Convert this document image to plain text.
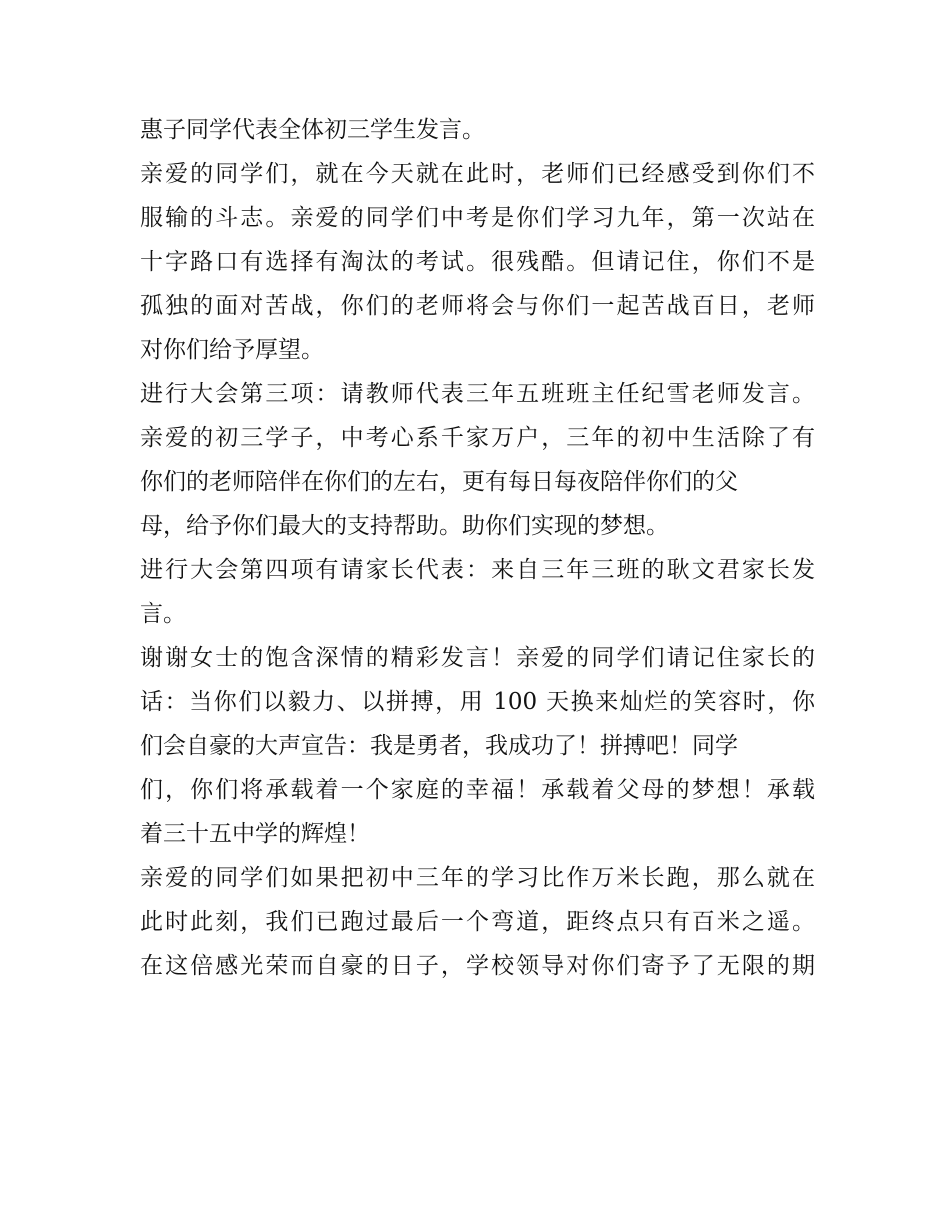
惠子同学代表全体初三学生发言。
亲爱的同学们，就在今天就在此时，老师们已经感受到你们不
服输的斗志。亲爱的同学们中考是你们学习九年，第一次站在
十字路口有选择有淘汰的考试。很残酷。但请记住，你们不是
孤独的面对苦战，你们的老师将会与你们一起苦战百日，老师
对你们给予厚望。
进行大会第三项：请教师代表三年五班班主任纪雪老师发言。
亲爱的初三学子，中考心系千家万户，三年的初中生活除了有
你们的老师陪伴在你们的左右，更有每日每夜陪伴你们的父
母，给予你们最大的支持帮助。助你们实现的梦想。
进行大会第四项有请家长代表：来自三年三班的耿文君家长发
言。
谢谢女士的饱含深情的精彩发言！亲爱的同学们请记住家长的
话：当你们以毅力、以拼搏，用 100 天换来灿烂的笑容时，你
们会自豪的大声宣告：我是勇者，我成功了！拼搏吧！同学
们，你们将承载着一个家庭的幸福！承载着父母的梦想！承载
着三十五中学的辉煌！
亲爱的同学们如果把初中三年的学习比作万米长跑，那么就在
此时此刻，我们已跑过最后一个弯道，距终点只有百米之遥。
在这倍感光荣而自豪的日子，学校领导对你们寄予了无限的期
